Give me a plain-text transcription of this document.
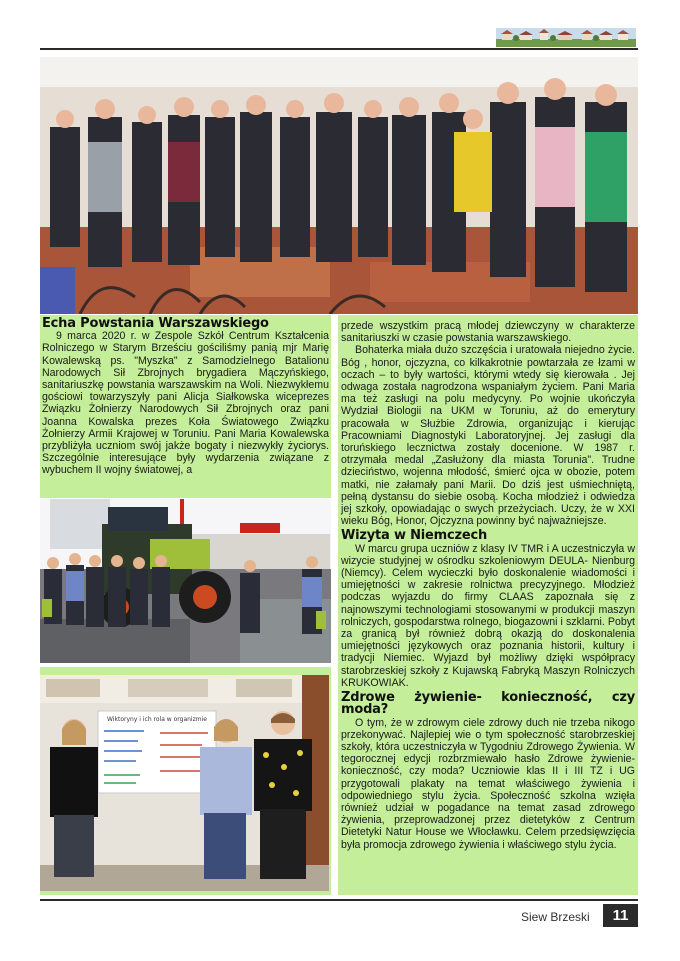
Echa Powstania Warszawskiego

9 marca 2020 r. w Zespole Szkół Centrum Kształcenia Rolniczego w Starym Brześciu gościliśmy panią mjr Marię Kowalewską ps. "Myszka" z Samodzielnego Batalionu Narodowych Sił Zbrojnych brygadiera Mączyńskiego, sanitariuszkę powstania warszawskim na Woli. Niezwykłemu gościowi towarzyszyły pani Alicja Siałkowska wiceprezes Związku Żołnierzy Narodowych Sił Zbrojnych oraz pani Joanna Kowalska prezes Koła Światowego Związku Żołnierzy Armii Krajowej w Toruniu. Pani Maria Kowalewska przybliżyła uczniom swój jakże bogaty i niezwykły życiorys. Szczególnie interesujące były wydarzenia związane z wybuchem II wojny światowej, a

Wiktoryny i ich rola w organizmie

przede wszystkim pracą młodej dziewczyny w charakterze sanitariuszki w czasie powstania warszawskiego.

Bohaterka miała dużo szczęścia i uratowała niejedno życie. Bóg , honor, ojczyzna, co kilkakrotnie powtarzała ze łzami w oczach – to były wartości, którymi wtedy się kierowała . Jej odwaga została nagrodzona wspaniałym życiem. Pani Maria ma też zasługi na polu medycyny. Po wojnie ukończyła Wydział Biologii na UKM w Toruniu, aż do emerytury pracowała w Służbie Zdrowia, organizując i kierując Pracowniami Diagnostyki Laboratoryjnej. Jej zasługi dla toruńskiego lecznictwa zostały docenione. W 1987 r. otrzymała medal „Zasłużony dla miasta Torunia". Trudne dzieciństwo, wojenna młodość, śmierć ojca w obozie, potem matki, nie załamały pani Marii. Do dziś jest uśmiechniętą, pełną dystansu do siebie osobą. Kocha młodzież i odwiedza jej szkoły, opowiadając o swych przeżyciach. Uczy, że w XXI wieku Bóg, Honor, Ojczyzna powinny być najważniejsze.

Wizyta w Niemczech

W marcu grupa uczniów z klasy IV TMR i A uczestniczyła w wizycie studyjnej w ośrodku szkoleniowym DEULA- Nienburg (Niemcy). Celem wycieczki było doskonalenie wiadomości i umiejętności w zakresie rolnictwa precyzyjnego. Młodzież podczas wyjazdu do firmy CLAAS zapoznała się z najnowszymi technologiami stosowanymi w produkcji maszyn rolniczych, gospodarstwa rolnego, biogazowni i szklarni. Pobyt za granicą był również dobrą okazją do doskonalenia umiejętności językowych oraz poznania historii, kultury i tradycji Niemiec. Wyjazd był możliwy dzięki współpracy starobrzeskiej szkoły z Kujawską Fabryką Maszyn Rolniczych KRUKOWIAK.

Zdrowe żywienie- konieczność, czy moda?

O tym, że w zdrowym ciele zdrowy duch nie trzeba nikogo przekonywać. Najlepiej wie o tym społeczność starobrzeskiej szkoły, która uczestniczyła w Tygodniu Zdrowego Żywienia. W tegorocznej edycji rozbrzmiewało hasło Zdrowe żywienie- konieczność, czy moda? Uczniowie klas II i III TZ i UG przygotowali plakaty na temat właściwego żywienia i odpowiedniego stylu życia. Społeczność szkolna wzięła również udział w pogadance na temat zasad zdrowego żywienia, przeprowadzonej przez dietetyków z Centrum Dietetyki Natur House we Włocławku. Celem przedsięwzięcia była promocja zdrowego żywienia i właściwego stylu życia.

Siew Brzeski	11
